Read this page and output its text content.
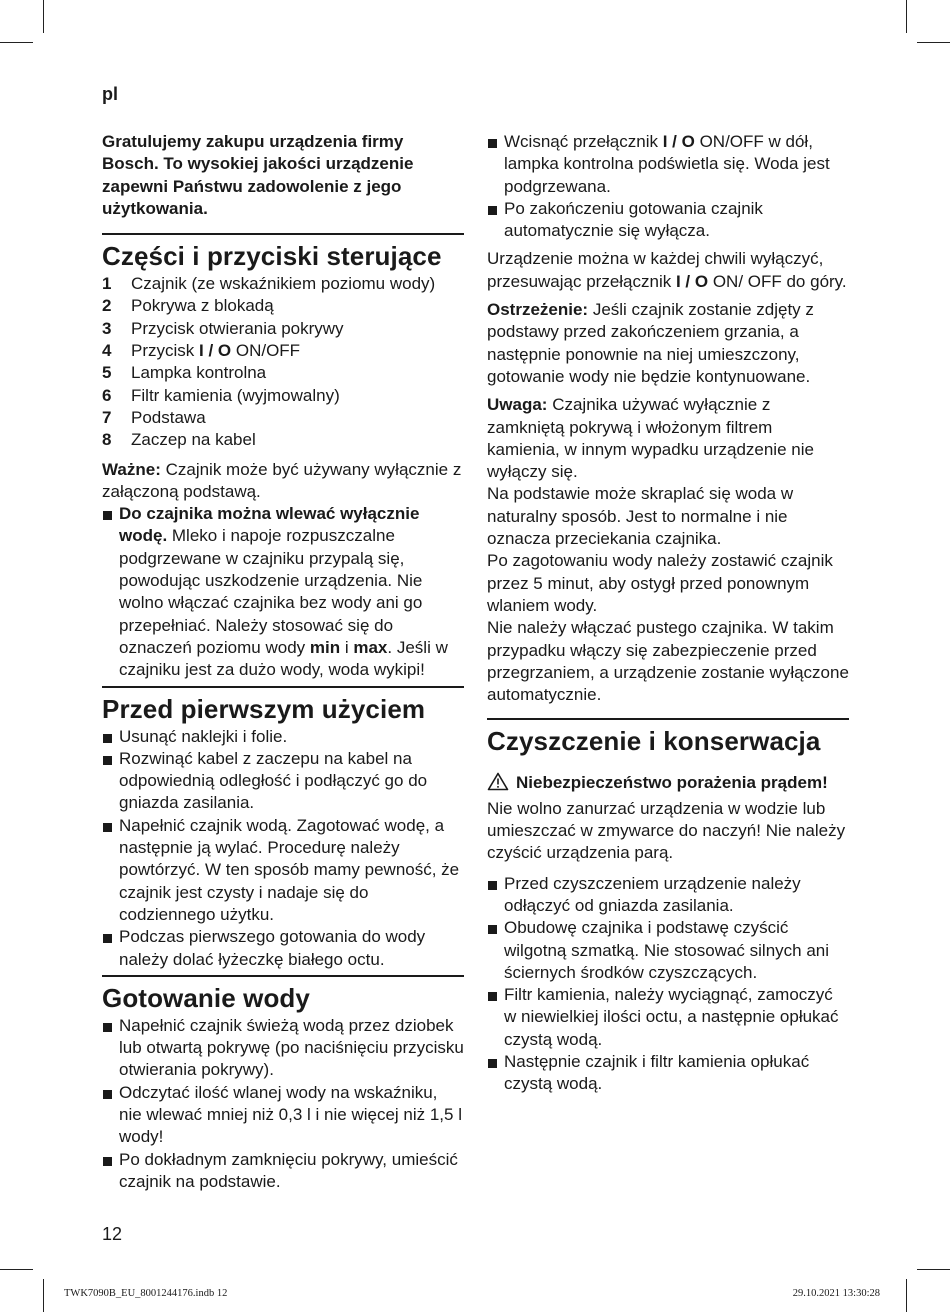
pl

Gratulujemy zakupu urządzenia firmy Bosch. To wysokiej jakości urządzenie zapewni Państwu zadowolenie z jego użytkowania.

Części i przyciski sterujące
1	Czajnik (ze wskaźnikiem poziomu wody)
2	Pokrywa z blokadą
3	Przycisk otwierania pokrywy
4	Przycisk I / O ON/OFF
5	Lampka kontrolna
6	Filtr kamienia (wyjmowalny)
7	Podstawa
8	Zaczep na kabel

Ważne: Czajnik może być używany wyłącznie z załączoną podstawą.

Do czajnika można wlewać wyłącznie wodę. Mleko i napoje rozpuszczalne podgrzewane w czajniku przypalą się, powodując uszkodzenie urządzenia. Nie wolno włączać czajnika bez wody ani go przepełniać. Należy stosować się do oznaczeń poziomu wody min i max. Jeśli w czajniku jest za dużo wody, woda wykipi!
Przed pierwszym użyciem
Usunąć naklejki i folie.
Rozwinąć kabel z zaczepu na kabel na odpowiednią odległość i podłączyć go do gniazda zasilania.
Napełnić czajnik wodą. Zagotować wodę, a następnie ją wylać. Procedurę należy powtórzyć. W ten sposób mamy pewność, że czajnik jest czysty i nadaje się do codziennego użytku.
Podczas pierwszego gotowania do wody należy dolać łyżeczkę białego octu.
Gotowanie wody
Napełnić czajnik świeżą wodą przez dziobek lub otwartą pokrywę (po naciśnięciu przycisku otwierania pokrywy).
Odczytać ilość wlanej wody na wskaźniku, nie wlewać mniej niż 0,3 l i nie więcej niż 1,5 l wody!
Po dokładnym zamknięciu pokrywy, umieścić czajnik na podstawie.
Wcisnąć przełącznik I / O ON/OFF w dół, lampka kontrolna podświetla się. Woda jest podgrzewana.
Po zakończeniu gotowania czajnik automatycznie się wyłącza.

Urządzenie można w każdej chwili wyłączyć, przesuwając przełącznik I / O ON/ OFF do góry.

Ostrzeżenie: Jeśli czajnik zostanie zdjęty z podstawy przed zakończeniem grzania, a następnie ponownie na niej umieszczony, gotowanie wody nie będzie kontynuowane.

Uwaga: Czajnika używać wyłącznie z zamkniętą pokrywą i włożonym filtrem kamienia, w innym wypadku urządzenie nie wyłączy się.

Na podstawie może skraplać się woda w naturalny sposób. Jest to normalne i nie oznacza przeciekania czajnika.

Po zagotowaniu wody należy zostawić czajnik przez 5 minut, aby ostygł przed ponownym wlaniem wody.

Nie należy włączać pustego czajnika. W takim przypadku włączy się zabezpieczenie przed przegrzaniem, a urządzenie zostanie wyłączone automatycznie.

Czyszczenie i konserwacja
Niebezpieczeństwo porażenia prądem!

Nie wolno zanurzać urządzenia w wodzie lub umieszczać w zmywarce do naczyń! Nie należy czyścić urządzenia parą.

Przed czyszczeniem urządzenie należy odłączyć od gniazda zasilania.
Obudowę czajnika i podstawę czyścić wilgotną szmatką. Nie stosować silnych ani ściernych środków czyszczących.
Filtr kamienia, należy wyciągnąć, zamoczyć w niewielkiej ilości octu, a następnie opłukać czystą wodą.
Następnie czajnik i filtr kamienia opłukać czystą wodą.
12
TWK7090B_EU_8001244176.indb 12	29.10.2021 13:30:28
